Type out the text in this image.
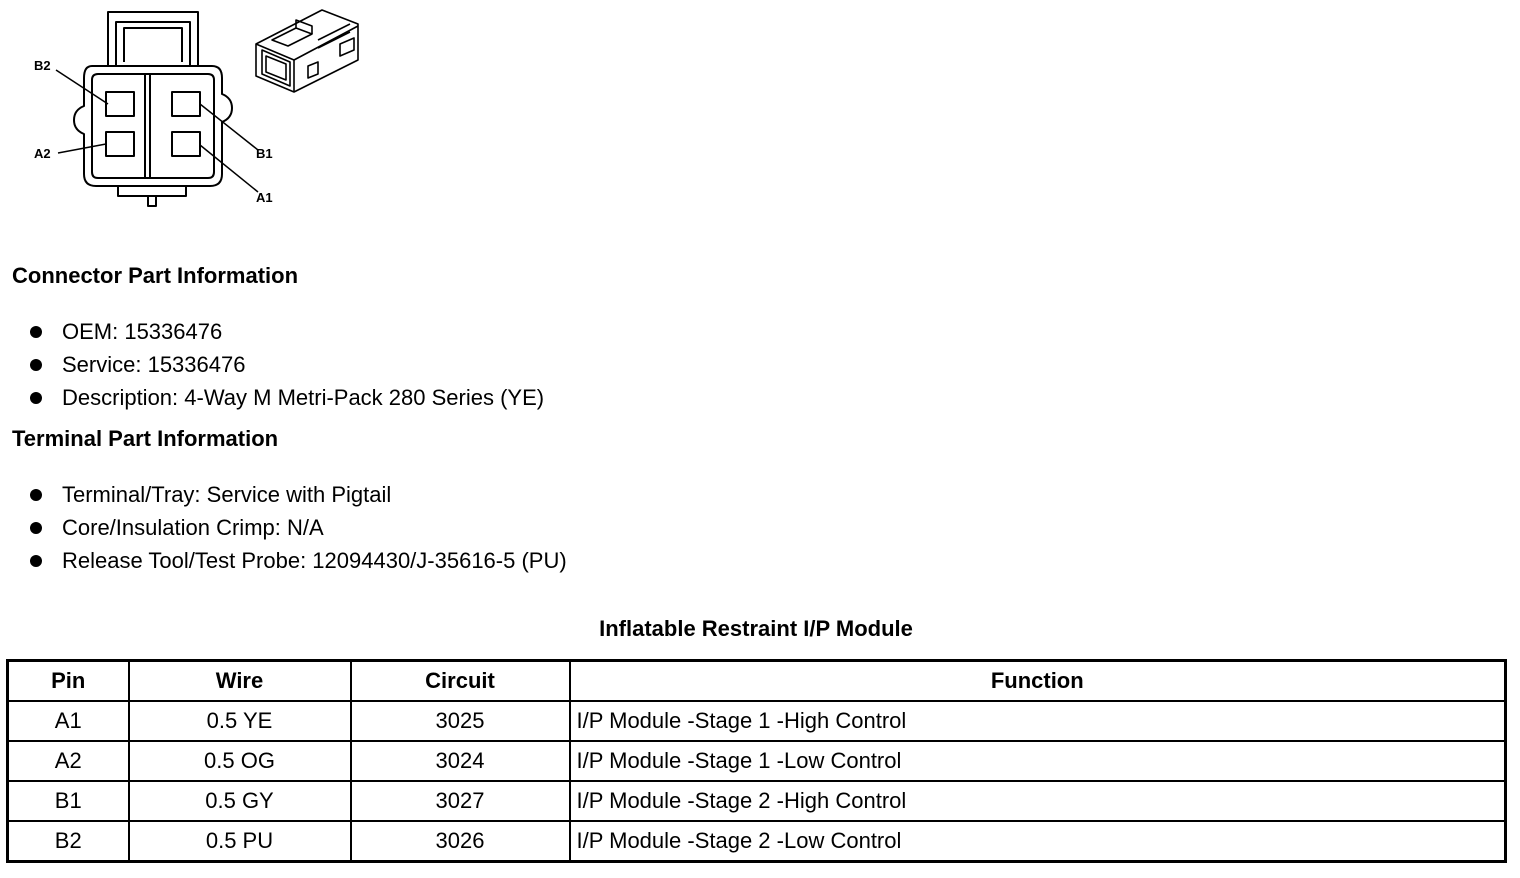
B2
A2	B1
A1
Connector Part Information
OEM: 15336476
Service: 15336476
Description: 4-Way M Metri-Pack 280 Series (YE)
Terminal Part Information
Terminal/Tray: Service with Pigtail
Core/Insulation Crimp: N/A
Release Tool/Test Probe: 12094430/J-35616-5 (PU)
Inflatable Restraint I/P Module
Pin	Wire	Circuit	Function
A1	0.5 YE	3025	I/P Module -Stage 1 -High Control
A2	0.5 OG	3024	I/P Module -Stage 1 -Low Control
B1	0.5 GY	3027	I/P Module -Stage 2 -High Control
B2	0.5 PU	3026	I/P Module -Stage 2 -Low Control
